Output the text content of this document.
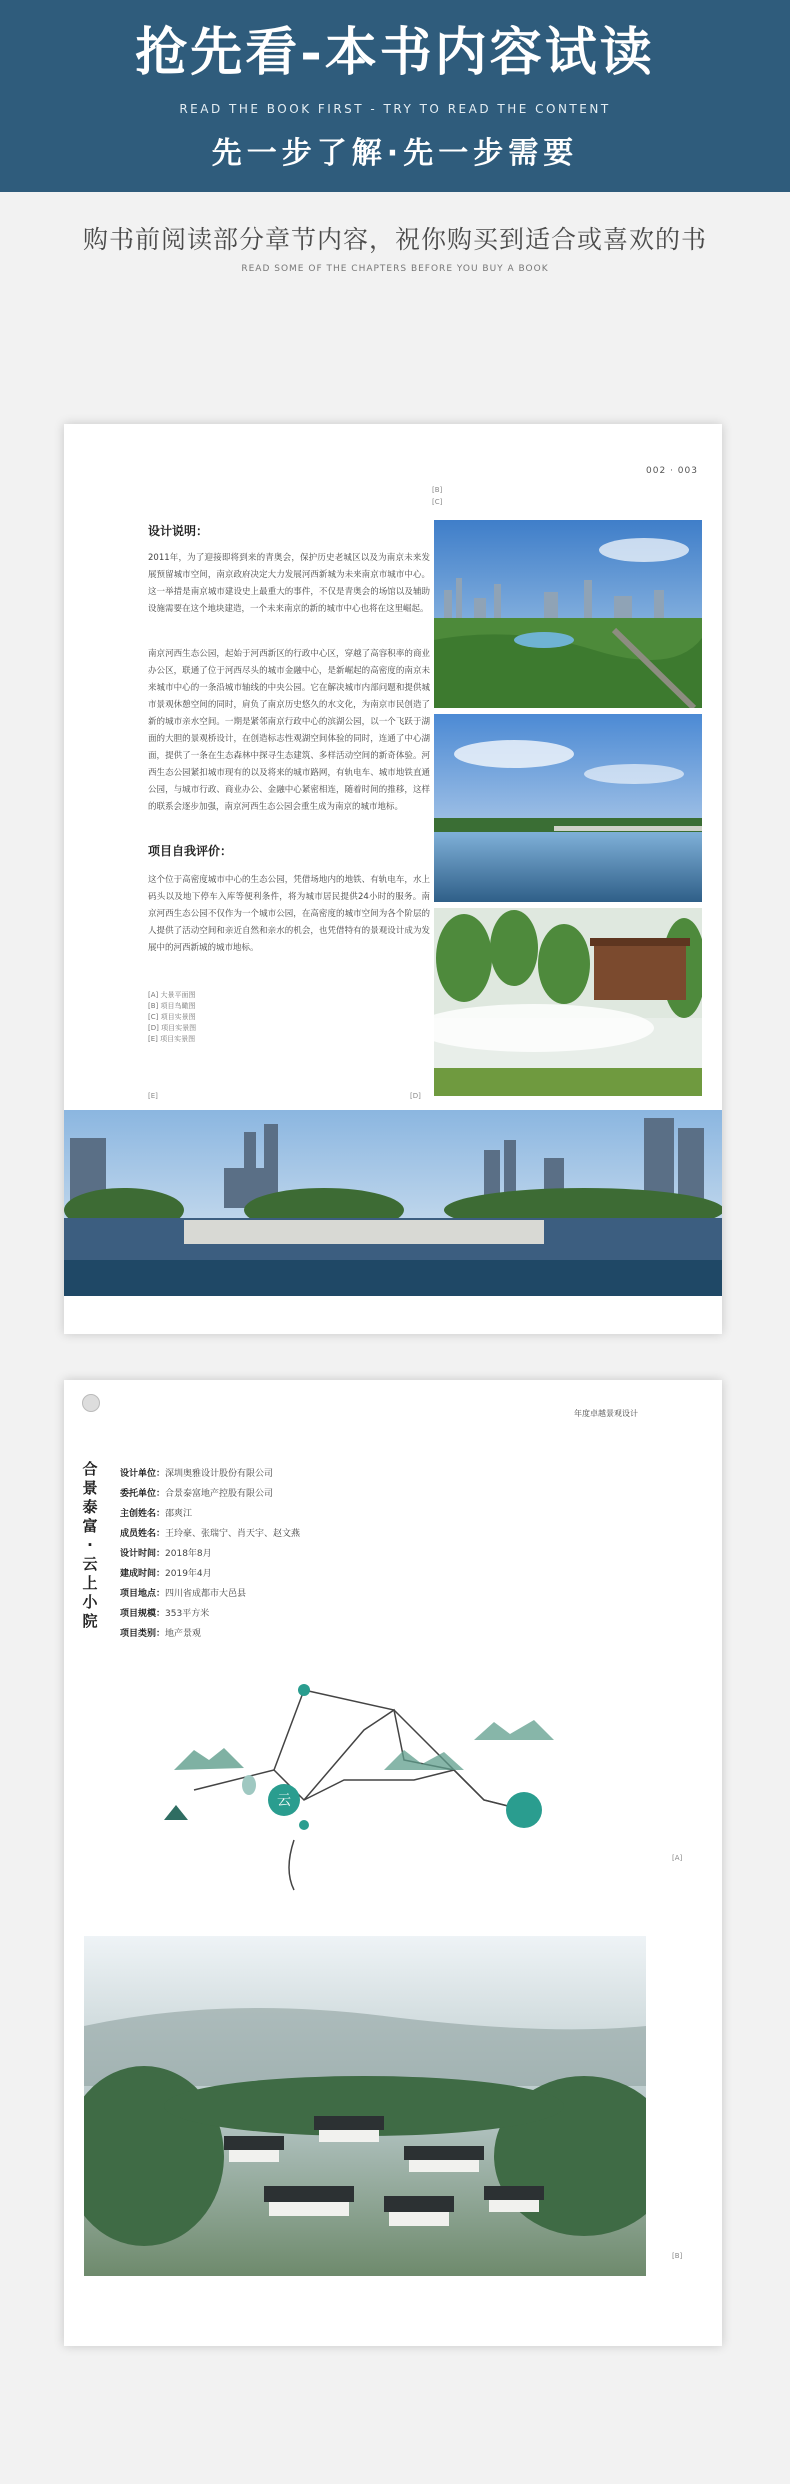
抢先看-本书内容试读
READ THE BOOK FIRST - TRY TO READ THE CONTENT
先一步了解·先一步需要
购书前阅读部分章节内容，祝你购买到适合或喜欢的书
READ SOME OF THE CHAPTERS BEFORE YOU BUY A BOOK
002 · 003
[B]
[C]
设计说明：
2011年，为了迎接即将到来的青奥会，保护历史老城区以及为南京未来发展预留城市空间，南京政府决定大力发展河西新城为未来南京市城市中心。这一举措是南京城市建设史上最重大的事件，不仅是青奥会的场馆以及辅助设施需要在这个地块建造，一个未来南京的新的城市中心也将在这里崛起。
南京河西生态公园，起始于河西新区的行政中心区，穿越了高容积率的商业办公区，联通了位于河西尽头的城市金融中心，是新崛起的高密度的南京未来城市中心的一条沿城市轴线的中央公园。它在解决城市内部问题和提供城市景观休憩空间的同时，肩负了南京历史悠久的水文化，为南京市民创造了新的城市亲水空间。一期是紧邻南京行政中心的滨湖公园，以一个飞跃于湖面的大胆的景观桥设计，在创造标志性观湖空间体验的同时，连通了中心湖面，提供了一条在生态森林中探寻生态建筑、多样活动空间的新奇体验。河西生态公园紧扣城市现有的以及将来的城市路网，有轨电车、城市地铁直通公园，与城市行政、商业办公、金融中心紧密相连，随着时间的推移，这样的联系会逐步加强，南京河西生态公园会重生成为南京的城市地标。
项目自我评价：
这个位于高密度城市中心的生态公园，凭借场地内的地铁、有轨电车，水上码头以及地下停车入库等便利条件，将为城市居民提供24小时的服务。南京河西生态公园不仅作为一个城市公园，在高密度的城市空间为各个阶层的人提供了活动空间和亲近自然和亲水的机会，也凭借特有的景观设计成为发展中的河西新城的城市地标。
[A] 大景平面图
[B] 项目鸟瞰图
[C] 项目实景图
[D] 项目实景图
[E] 项目实景图
[E]	[D]
年度卓越景观设计
合景泰富·云上小院
设计单位：深圳奥雅设计股份有限公司
委托单位：合景泰富地产控股有限公司
主创姓名：邵爽江
成员姓名：王玲豪、张瑞宁、肖天宇、赵文燕
设计时间：2018年8月
建成时间：2019年4月
项目地点：四川省成都市大邑县
项目规模：353平方米
项目类别：地产景观
云
[A]
[B]
